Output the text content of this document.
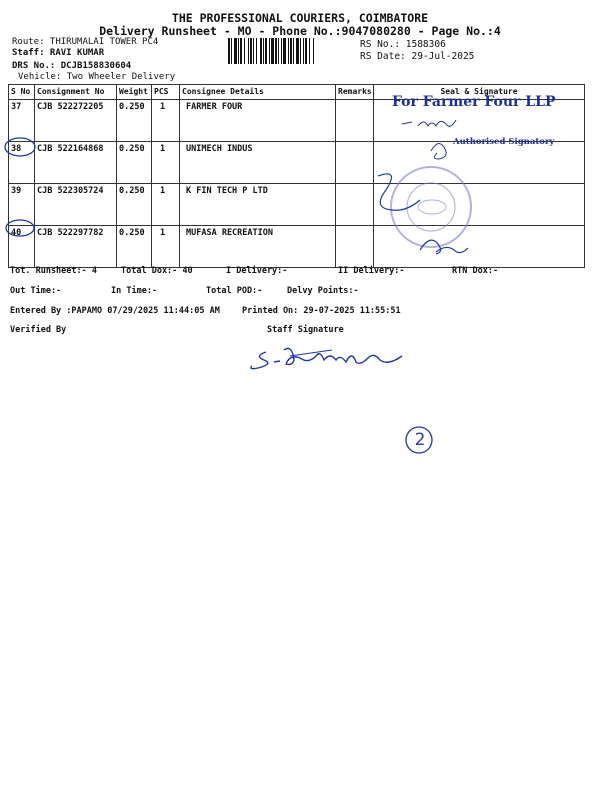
THE PROFESSIONAL COURIERS, COIMBATORE
Delivery Runsheet - MO - Phone No.:9047080280 - Page No.:4
Route: THIRUMALAI TOWER PC4
Staff: RAVI KUMAR
DRS No.: DCJB158830604
Vehicle: Two Wheeler Delivery
RS No.: 1588306
RS Date: 29-Jul-2025
S No	Consignment No	Weight	PCS	Consignee Details	Remarks	Seal & Signature
37	CJB 522272205	0.250	1	FARMER FOUR		
38	CJB 522164868	0.250	1	UNIMECH INDUS		
39	CJB 522305724	0.250	1	K FIN TECH P LTD		
40	CJB 522297782	0.250	1	MUFASA RECREATION		
For Farmer Four LLP
Authorised Signatory
Tot. Runsheet:- 4	Total Dox:- 40	I Delivery:-	II Delivery:-	RTN Dox:-
Out Time:-	In Time:-	Total POD:-	Delvy Points:-
Entered By :PAPAMO 07/29/2025 11:44:05 AM	Printed On: 29-07-2025 11:55:51
Verified By	Staff Signature
2
